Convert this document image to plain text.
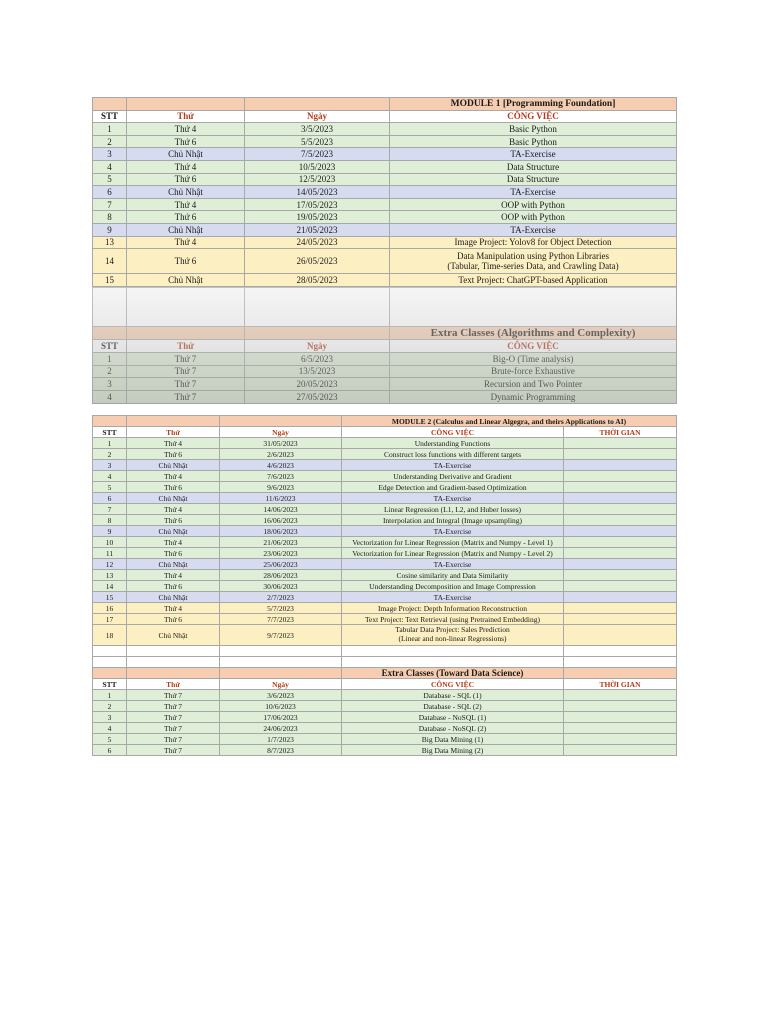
			MODULE 1 [Programming Foundation]
STT	Thứ	Ngày	CÔNG VIỆC
1	Thứ 4	3/5/2023	Basic Python
2	Thứ 6	5/5/2023	Basic Python
3	Chủ Nhật	7/5/2023	TA-Exercise
4	Thứ 4	10/5/2023	Data Structure
5	Thứ 6	12/5/2023	Data Structure
6	Chủ Nhật	14/05/2023	TA-Exercise
7	Thứ 4	17/05/2023	OOP with Python
8	Thứ 6	19/05/2023	OOP with Python
9	Chủ Nhật	21/05/2023	TA-Exercise
13	Thứ 4	24/05/2023	Image Project: Yolov8 for Object Detection
14	Thứ 6	26/05/2023	Data Manipulation using Python Libraries
(Tabular, Time-series Data, and Crawling Data)
15	Chủ Nhật	28/05/2023	Text Project: ChatGPT-based Application

			Extra Classes (Algorithms and Complexity)
STT	Thứ	Ngày	CÔNG VIỆC
1	Thứ 7	6/5/2023	Big-O (Time analysis)
2	Thứ 7	13/5/2023	Brute-force Exhaustive
3	Thứ 7	20/05/2023	Recursion and Two Pointer
4	Thứ 7	27/05/2023	Dynamic Programming
			MODULE 2 (Calculus and Linear Algegra, and theirs Applications to AI)	
STT	Thứ	Ngày	CÔNG VIỆC	THỜI GIAN
1	Thứ 4	31/05/2023	Understanding Functions	
2	Thứ 6	2/6/2023	Construct loss functions with different targets	
3	Chủ Nhật	4/6/2023	TA-Exercise	
4	Thứ 4	7/6/2023	Understanding Derivative and Gradient	
5	Thứ 6	9/6/2023	Edge Detection and Gradient-based Optimization	
6	Chủ Nhật	11/6/2023	TA-Exercise	
7	Thứ 4	14/06/2023	Linear Regression (L1, L2, and Huber losses)	
8	Thứ 6	16/06/2023	Interpolation and Integral (Image upsampling)	
9	Chủ Nhật	18/06/2023	TA-Exercise	
10	Thứ 4	21/06/2023	Vectorization for Linear Regression (Matrix and Numpy - Level 1)	
11	Thứ 6	23/06/2023	Vectorization for Linear Regression (Matrix and Numpy - Level 2)	
12	Chủ Nhật	25/06/2023	TA-Exercise	
13	Thứ 4	28/06/2023	Cosine similarity and Data Similarity	
14	Thứ 6	30/06/2023	Understanding Decomposition and Image Compression	
15	Chủ Nhật	2/7/2023	TA-Exercise	
16	Thứ 4	5/7/2023	Image Project: Depth Information Reconstruction	
17	Thứ 6	7/7/2023	Text Project: Text Retrieval (using Pretrained Embedding)	
18	Chủ Nhật	9/7/2023	Tabular Data Project: Sales Prediction
(Linear and non-linear Regressions)	

			Extra Classes (Toward Data Science)	
STT	Thứ	Ngày	CÔNG VIỆC	THỜI GIAN
1	Thứ 7	3/6/2023	Database - SQL (1)	
2	Thứ 7	10/6/2023	Database - SQL (2)	
3	Thứ 7	17/06/2023	Database - NoSQL (1)	
4	Thứ 7	24/06/2023	Database - NoSQL (2)	
5	Thứ 7	1/7/2023	Big Data Mining (1)	
6	Thứ 7	8/7/2023	Big Data Mining (2)	
